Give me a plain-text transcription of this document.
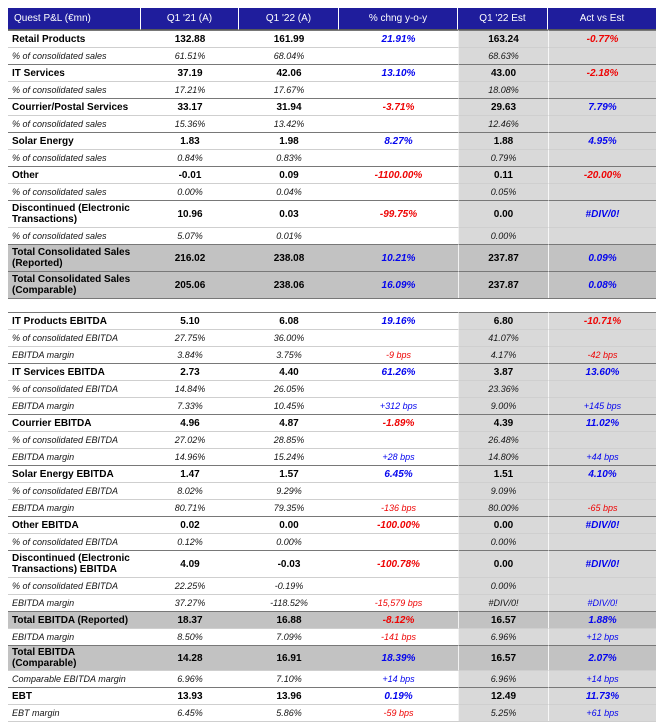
Quest P&L (€mn)	Q1 '21 (A)	Q1 '22 (A)	% chng y-o-y	Q1 '22 Est	Act vs Est
Retail Products	132.88	161.99	21.91%	163.24	-0.77%
% of consolidated sales	61.51%	68.04%		68.63%	
IT Services	37.19	42.06	13.10%	43.00	-2.18%
% of consolidated sales	17.21%	17.67%		18.08%	
Courrier/Postal Services	33.17	31.94	-3.71%	29.63	7.79%
% of consolidated sales	15.36%	13.42%		12.46%	
Solar Energy	1.83	1.98	8.27%	1.88	4.95%
% of consolidated sales	0.84%	0.83%		0.79%	
Other	-0.01	0.09	-1100.00%	0.11	-20.00%
% of consolidated sales	0.00%	0.04%		0.05%	
Discontinued (Electronic Transactions)	10.96	0.03	-99.75%	0.00	#DIV/0!
% of consolidated sales	5.07%	0.01%		0.00%	
Total Consolidated Sales (Reported)	216.02	238.08	10.21%	237.87	0.09%
Total Consolidated Sales (Comparable)	205.06	238.06	16.09%	237.87	0.08%
IT Products EBITDA	5.10	6.08	19.16%	6.80	-10.71%
% of consolidated EBITDA	27.75%	36.00%		41.07%	
EBITDA margin	3.84%	3.75%	-9 bps	4.17%	-42 bps
IT Services EBITDA	2.73	4.40	61.26%	3.87	13.60%
% of consolidated EBITDA	14.84%	26.05%		23.36%	
EBITDA margin	7.33%	10.45%	+312 bps	9.00%	+145 bps
Courrier EBITDA	4.96	4.87	-1.89%	4.39	11.02%
% of consolidated EBITDA	27.02%	28.85%		26.48%	
EBITDA margin	14.96%	15.24%	+28 bps	14.80%	+44 bps
Solar Energy EBITDA	1.47	1.57	6.45%	1.51	4.10%
% of consolidated EBITDA	8.02%	9.29%		9.09%	
EBITDA margin	80.71%	79.35%	-136 bps	80.00%	-65 bps
Other EBITDA	0.02	0.00	-100.00%	0.00	#DIV/0!
% of consolidated EBITDA	0.12%	0.00%		0.00%	
Discontinued (Electronic Transactions) EBITDA	4.09	-0.03	-100.78%	0.00	#DIV/0!
% of consolidated EBITDA	22.25%	-0.19%		0.00%	
EBITDA margin	37.27%	-118.52%	-15,579 bps	#DIV/0!	#DIV/0!
Total EBITDA (Reported)	18.37	16.88	-8.12%	16.57	1.88%
EBITDA margin	8.50%	7.09%	-141 bps	6.96%	+12 bps
Total EBITDA (Comparable)	14.28	16.91	18.39%	16.57	2.07%
Comparable EBITDA margin	6.96%	7.10%	+14 bps	6.96%	+14 bps
EBT	13.93	13.96	0.19%	12.49	11.73%
EBT margin	6.45%	5.86%	-59 bps	5.25%	+61 bps
